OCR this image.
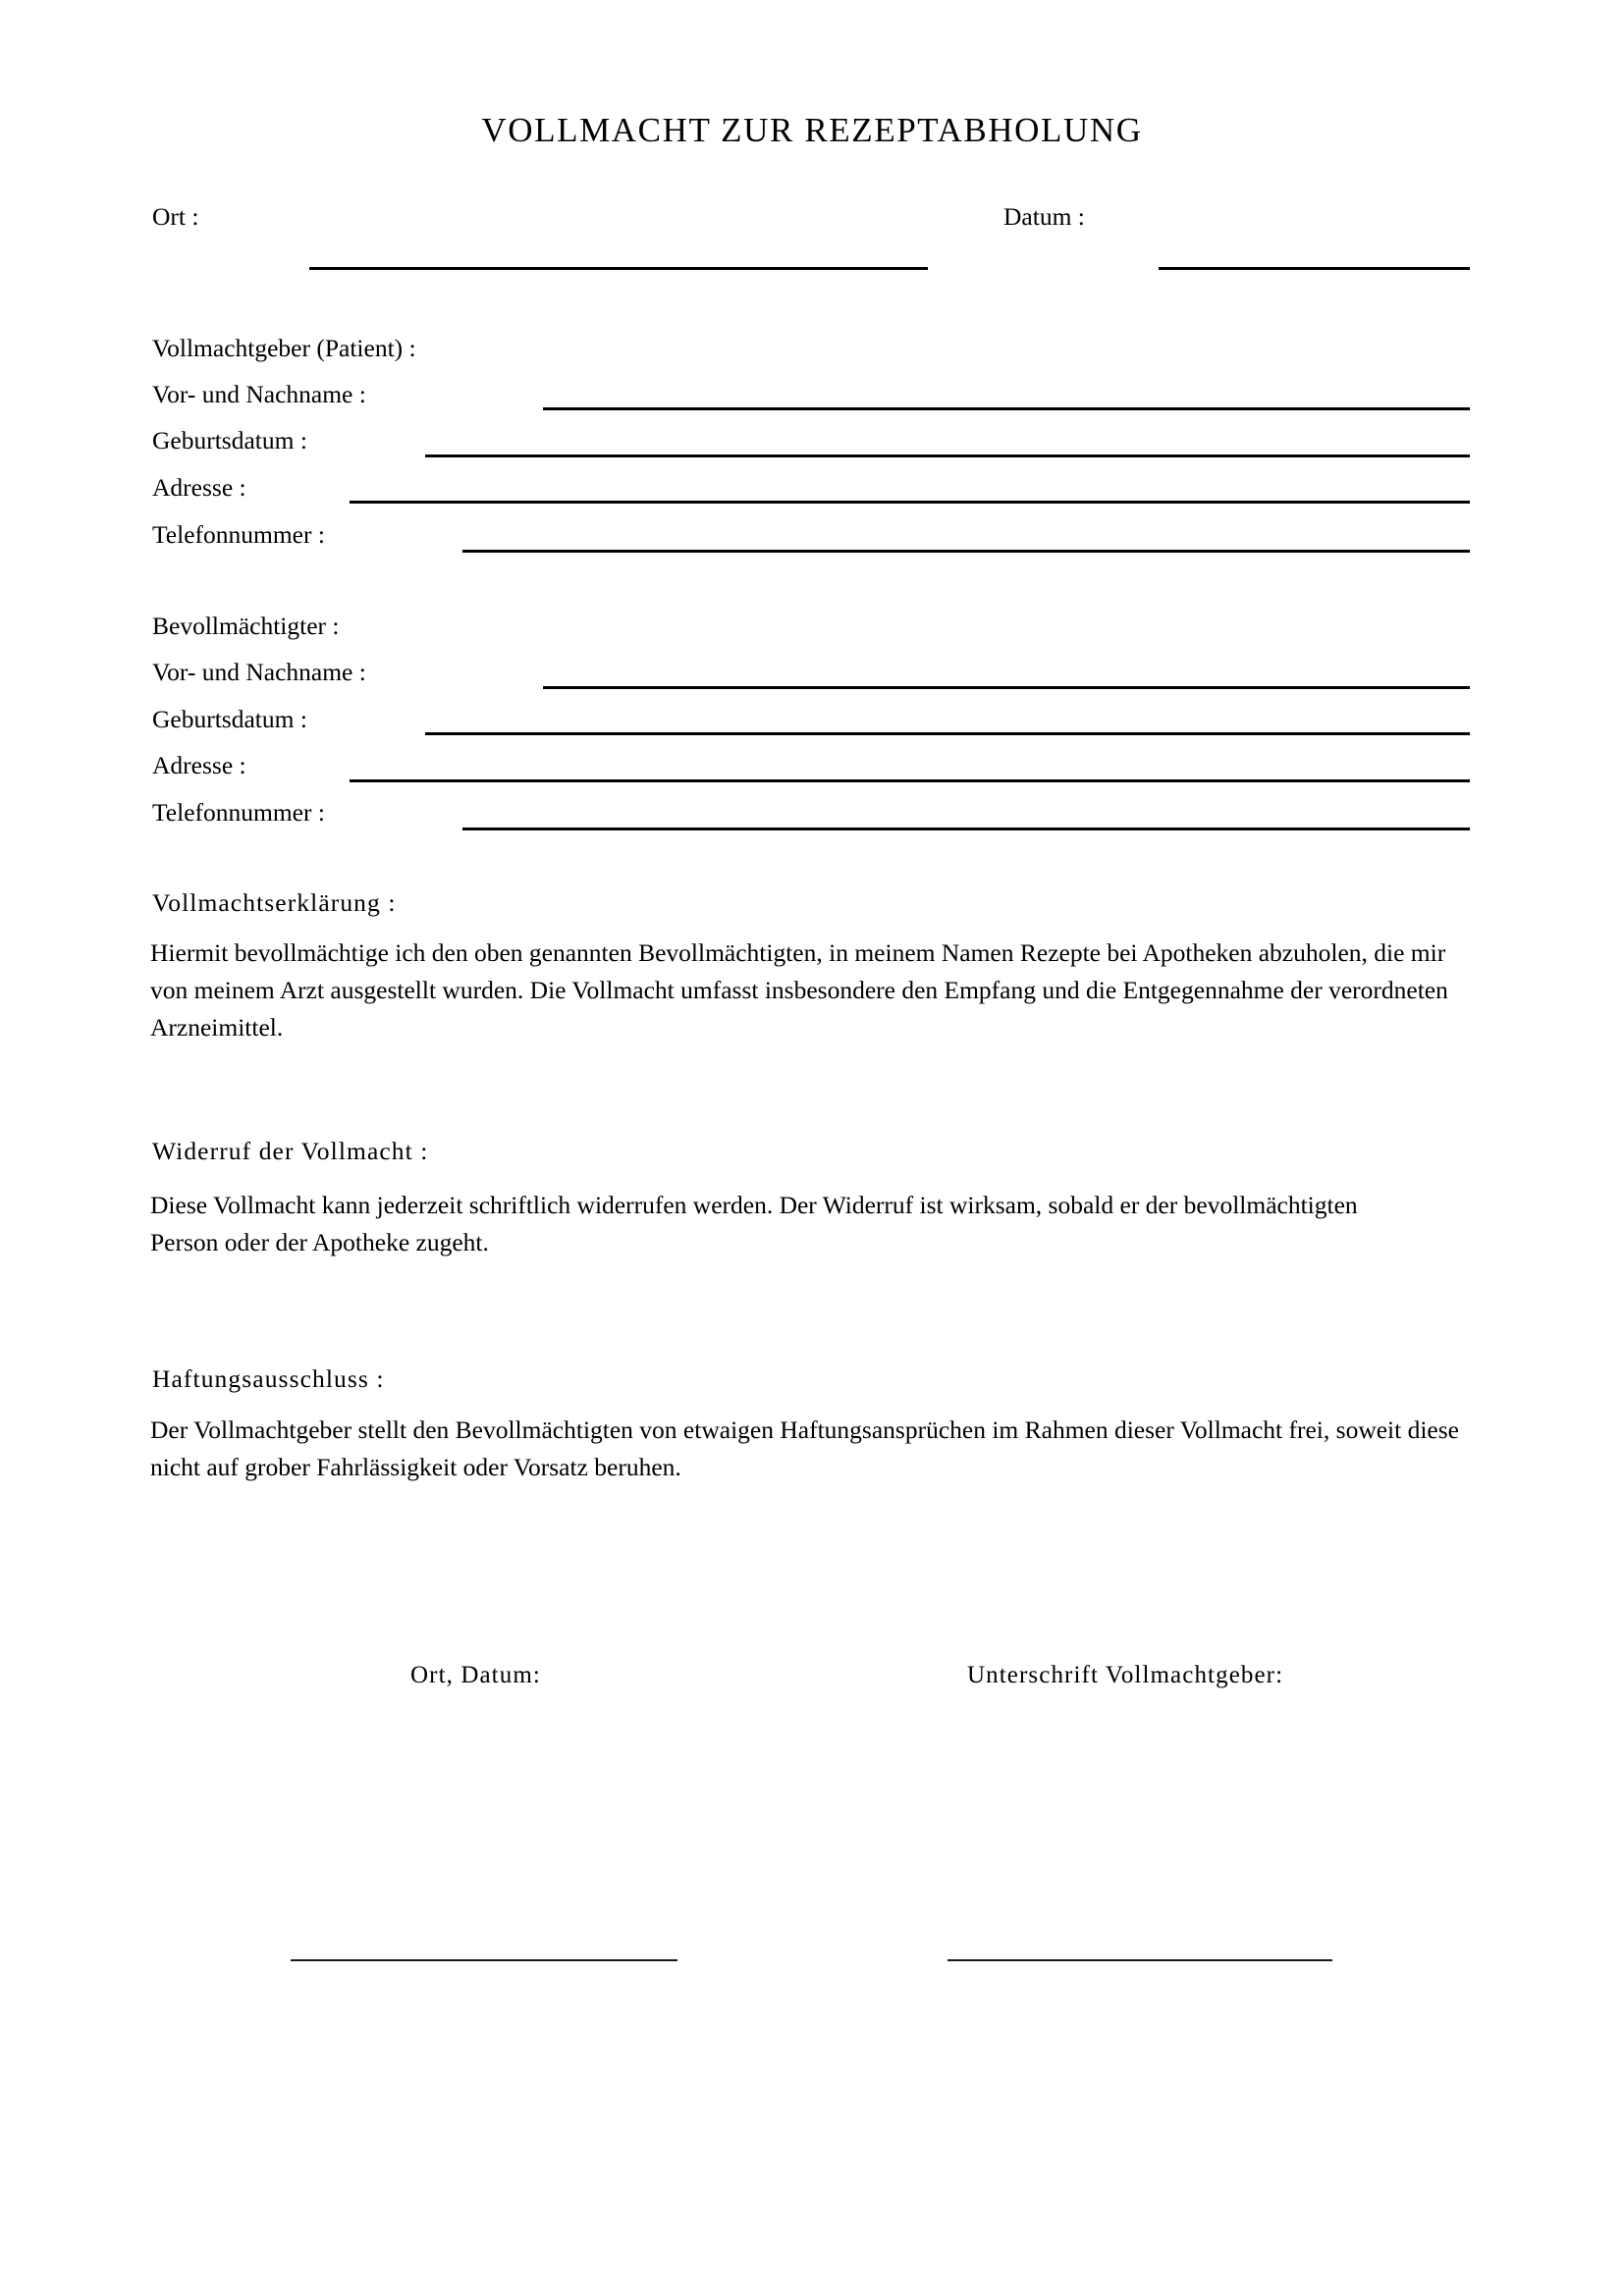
VOLLMACHT ZUR REZEPTABHOLUNG
Ort :	Datum :
Vollmachtgeber (Patient) :
Vor- und Nachname :
Geburtsdatum :
Adresse :
Telefonnummer :
Bevollmächtigter :
Vor- und Nachname :
Geburtsdatum :
Adresse :
Telefonnummer :
Vollmachtserklärung :
Hiermit bevollmächtige ich den oben genannten Bevollmächtigten, in meinem Namen Rezepte bei Apotheken abzuholen, die mir von meinem Arzt ausgestellt wurden. Die Vollmacht umfasst insbesondere den Empfang und die Entgegennahme der verordneten Arzneimittel.
Widerruf der Vollmacht :
Diese Vollmacht kann jederzeit schriftlich widerrufen werden. Der Widerruf ist wirksam, sobald er der bevollmächtigten Person oder der Apotheke zugeht.
Haftungsausschluss :
Der Vollmachtgeber stellt den Bevollmächtigten von etwaigen Haftungsansprüchen im Rahmen dieser Vollmacht frei, soweit diese nicht auf grober Fahrlässigkeit oder Vorsatz beruhen.
Ort, Datum:	Unterschrift Vollmachtgeber:
